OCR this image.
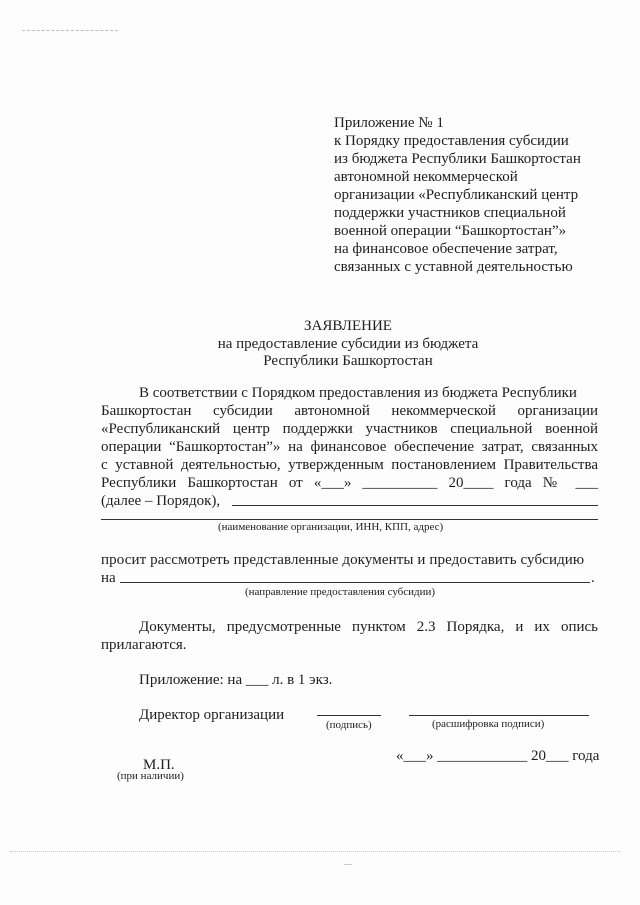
Приложение № 1
к Порядку предоставления субсидии
из бюджета Республики Башкортостан
автономной некоммерческой
организации «Республиканский центр
поддержки участников специальной
военной операции “Башкортостан”»
на финансовое обеспечение затрат,
связанных с уставной деятельностью
ЗАЯВЛЕНИЕ
на предоставление субсидии из бюджета
Республики Башкортостан
В соответствии с Порядком предоставления из бюджета Республики
Башкортостан субсидии автономной некоммерческой организации
«Республиканский центр поддержки участников специальной военной
операции “Башкортостан”» на финансовое обеспечение затрат, связанных
с уставной деятельностью, утвержденным постановлением Правительства
Республики Башкортостан от «___» __________ 20____ года № ___
(далее – Порядок),
(наименование организации, ИНН, КПП, адрес)
просит рассмотреть представленные документы и предоставить субсидию
на	.
(направление предоставления субсидии)
Документы, предусмотренные пунктом 2.3 Порядка, и их опись
прилагаются.
Приложение: на ___ л. в 1 экз.
Директор организации
(подпись)	(расшифровка подписи)
М.П.
(при наличии)
«___» ____________ 20___ года
